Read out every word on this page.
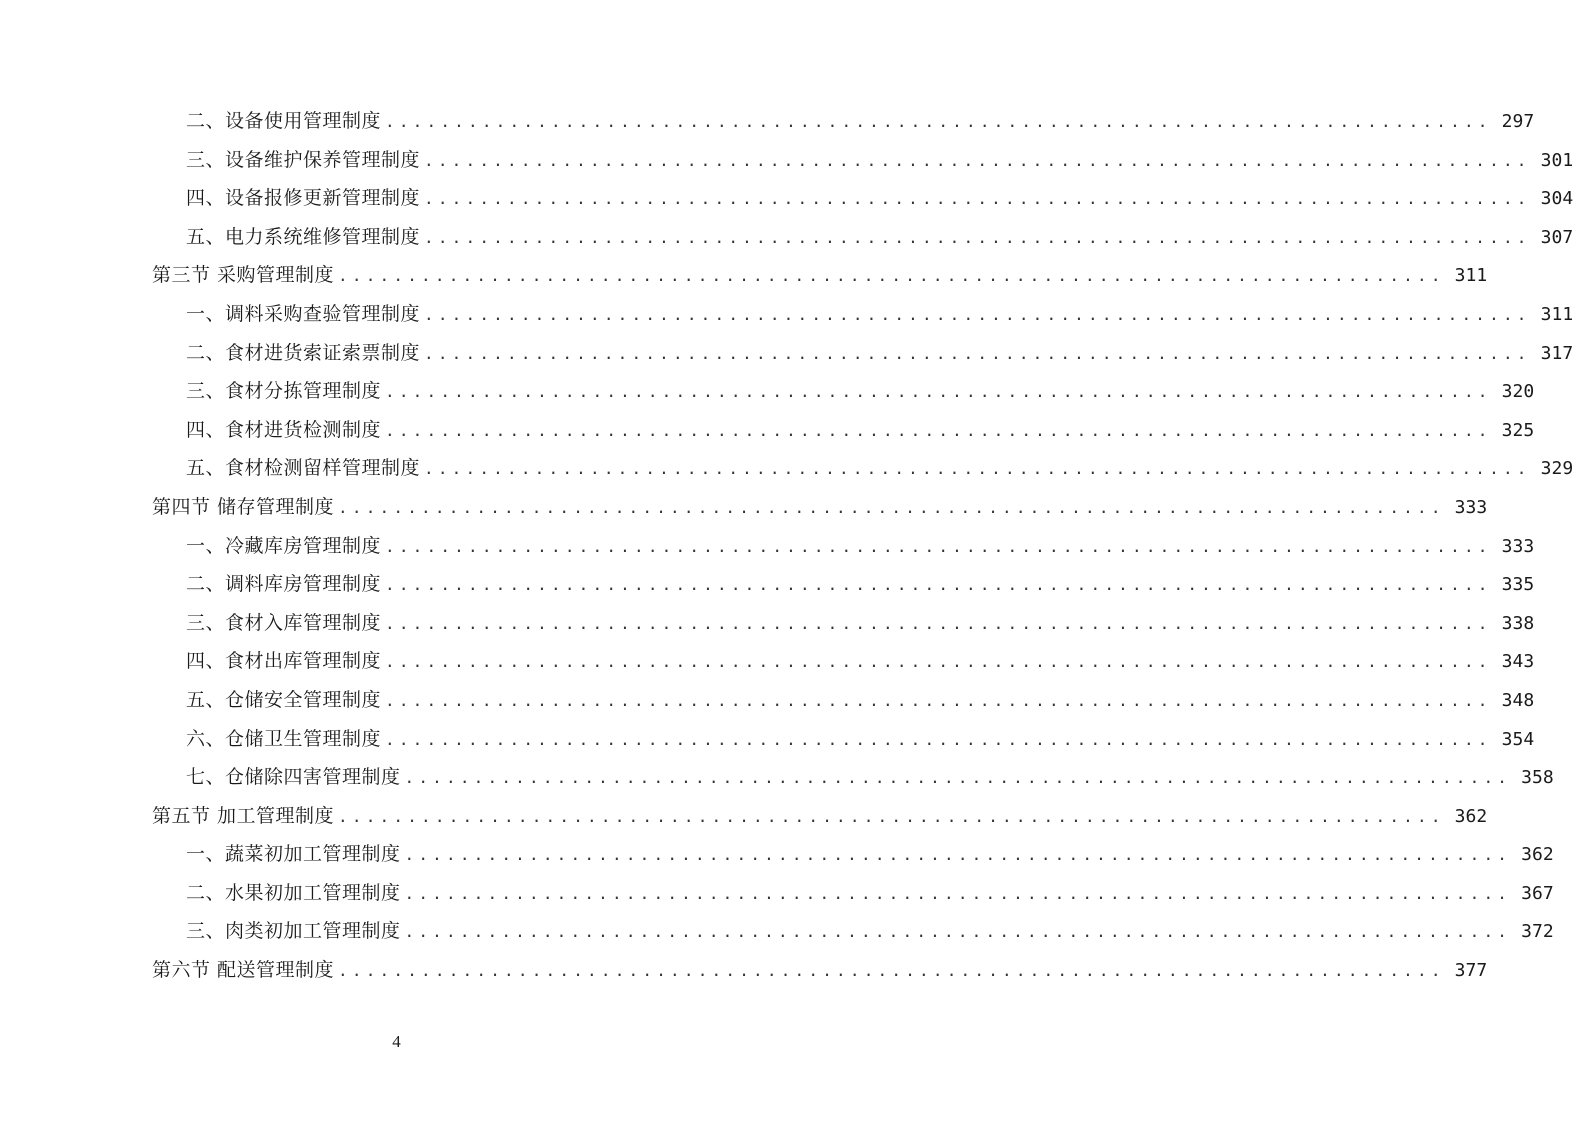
二、设备使用管理制度 ................................................................................ 297
三、设备维护保养管理制度 ................................................................................ 301
四、设备报修更新管理制度 ................................................................................ 304
五、电力系统维修管理制度 ................................................................................ 307
第三节 采购管理制度 ................................................................................ 311
一、调料采购查验管理制度 ................................................................................ 311
二、食材进货索证索票制度 ................................................................................ 317
三、食材分拣管理制度 ................................................................................ 320
四、食材进货检测制度 ................................................................................ 325
五、食材检测留样管理制度 ................................................................................ 329
第四节 储存管理制度 ................................................................................ 333
一、冷藏库房管理制度 ................................................................................ 333
二、调料库房管理制度 ................................................................................ 335
三、食材入库管理制度 ................................................................................ 338
四、食材出库管理制度 ................................................................................ 343
五、仓储安全管理制度 ................................................................................ 348
六、仓储卫生管理制度 ................................................................................ 354
七、仓储除四害管理制度 ................................................................................ 358
第五节 加工管理制度 ................................................................................ 362
一、蔬菜初加工管理制度 ................................................................................ 362
二、水果初加工管理制度 ................................................................................ 367
三、肉类初加工管理制度 ................................................................................ 372
第六节 配送管理制度 ................................................................................ 377
4
